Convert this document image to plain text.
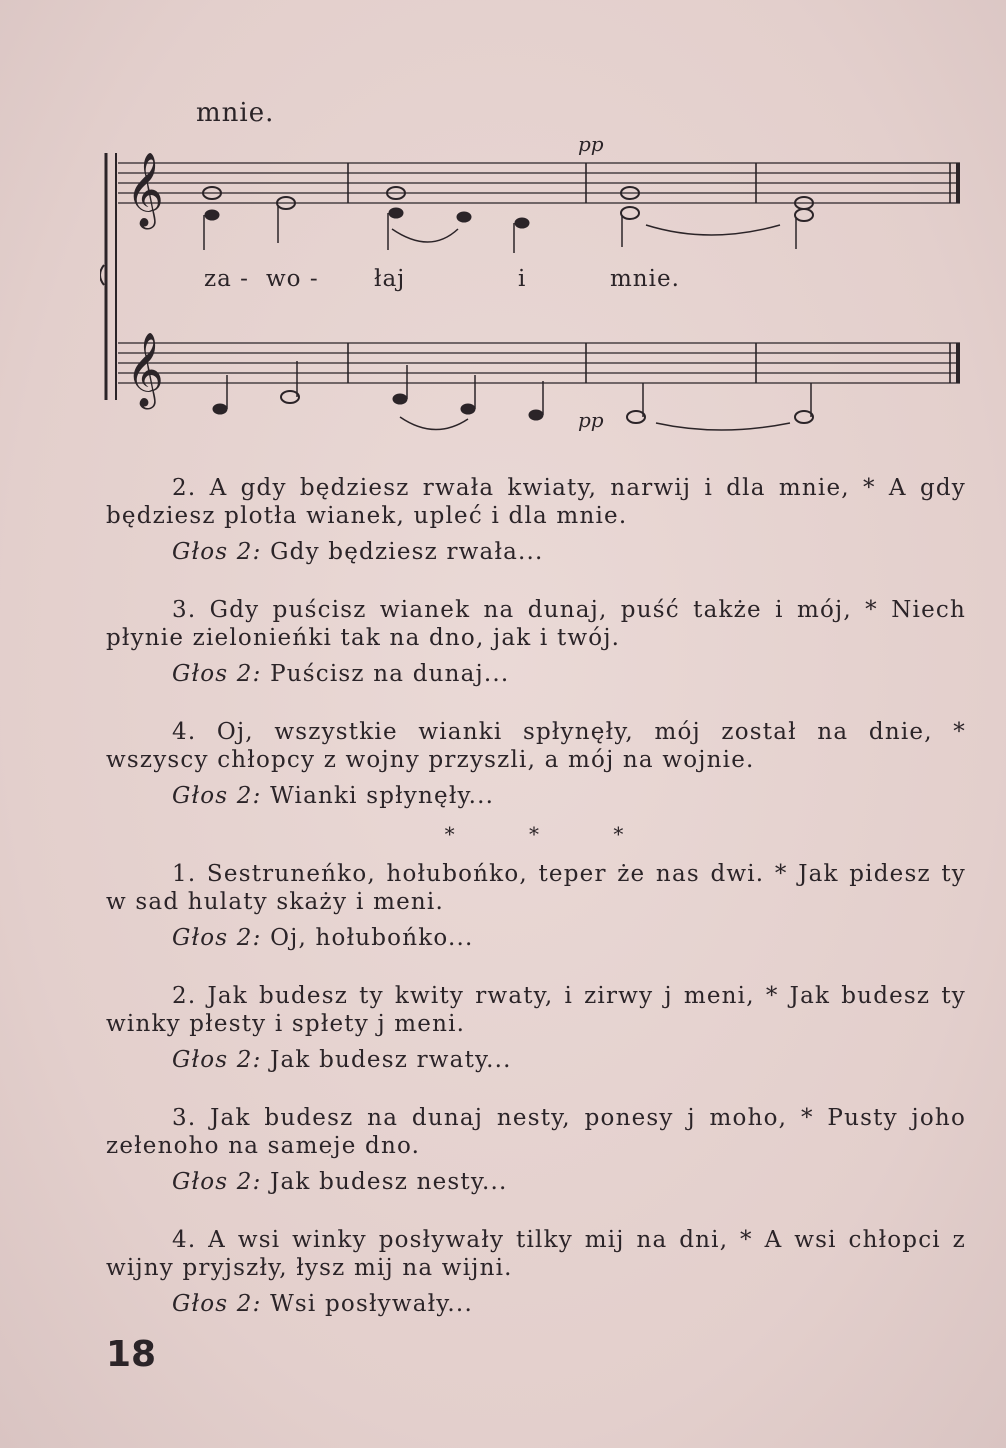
mnie.
𝄞
𝄞
pp
pp
za - wo - łaj	i	mnie.

2. A gdy będziesz rwała kwiaty, narwij i dla mnie, * A gdy będziesz plotła wianek, upleć i dla mnie.

Głos 2: Gdy będziesz rwała...

3. Gdy puścisz wianek na dunaj, puść także i mój, * Niech płynie zielonieńki tak na dno, jak i twój.

Głos 2: Puścisz na dunaj...

4. Oj, wszystkie wianki spłynęły, mój został na dnie, * wszyscy chłopcy z wojny przyszli, a mój na wojnie.

Głos 2: Wianki spłynęły...

* * *

1. Sestruneńko, hołubońko, teper że nas dwi. * Jak pidesz ty w sad hulaty skażу i meni.

Głos 2: Oj, hołubońko...

2. Jak budesz ty kwity rwaty, i zirwy j meni, * Jak budesz ty winky płesty i spłety j meni.

Głos 2: Jak budesz rwaty...

3. Jak budesz na dunaj nesty, ponesy j moho, * Pusty joho zełenoho na sameje dno.

Głos 2: Jak budesz nesty...

4. A wsi winky posływały tilky mij na dni, * A wsi chłopci z wijny pryjszły, łysz mij na wijni.

Głos 2: Wsi posływały...

18
